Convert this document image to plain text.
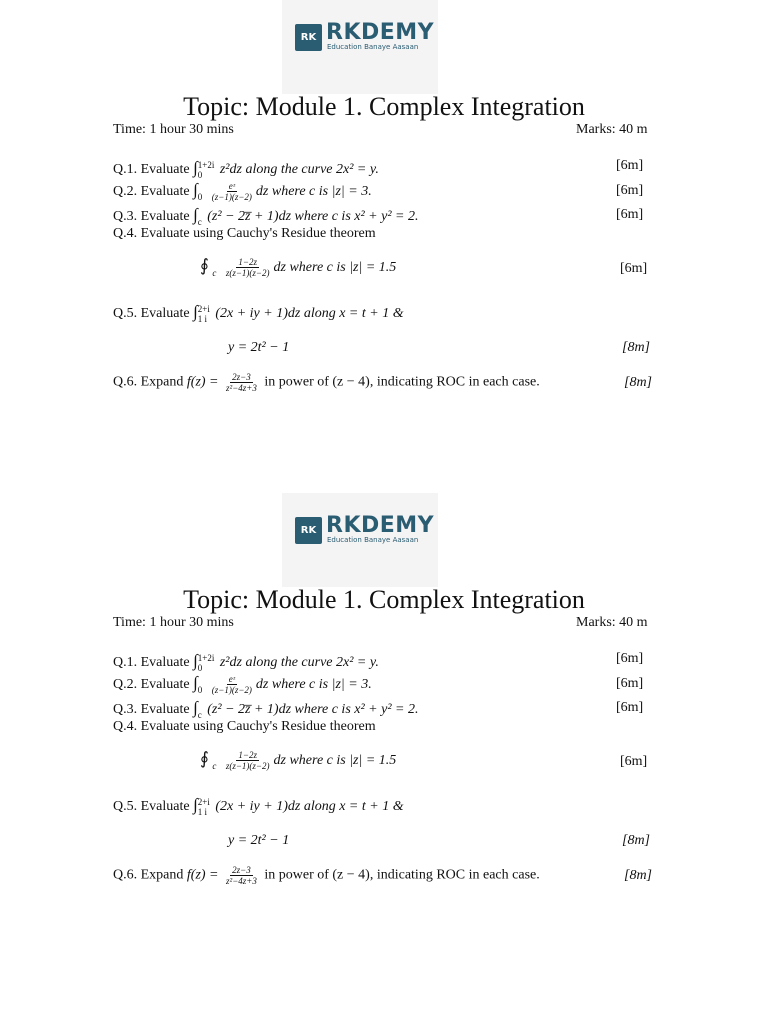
RK RKDEMY
Education Banaye Aasaan
Topic: Module 1. Complex Integration
Time: 1 hour 30 mins	Marks: 40 m
Q.1. Evaluate ∫ 1+2i
0	z²dz along the curve 2x² = y.	[6m]
Q.2. Evaluate ∫
0
$\frac{\text{eᶻ}}{(z-1)(z-2)}$ dz where c is |z| = 3.	[6m]
Q.3. Evaluate ∫
c (z² − 2z̅ + 1)dz where c is x² + y² = 2.	[6m]
Q.4. Evaluate using Cauchy's Residue theorem
∮
c
$\frac{1-2z}{z(z-1)(z-2)}$ dz where c is |z| = 1.5	[6m]
Q.5. Evaluate ∫ 2+i
1 i (2x + iy + 1)dz along x = t + 1 &
y = 2t² − 1	[8m]
Q.6. Expand $f(z) = \frac{2z-3}{\text{z²−4z+3}}$ in power of (z − 4), indicating ROC in each case.	[8m]
RK RKDEMY
Education Banaye Aasaan
Topic: Module 1. Complex Integration
Time: 1 hour 30 mins	Marks: 40 m
Q.1. Evaluate ∫ 1+2i
0	z²dz along the curve 2x² = y.	[6m]
Q.2. Evaluate ∫
0
$\frac{\text{eᶻ}}{(z-1)(z-2)}$ dz where c is |z| = 3.	[6m]
Q.3. Evaluate ∫
c (z² − 2z̅ + 1)dz where c is x² + y² = 2.	[6m]
Q.4. Evaluate using Cauchy's Residue theorem
∮
c
$\frac{1-2z}{z(z-1)(z-2)}$ dz where c is |z| = 1.5	[6m]
Q.5. Evaluate ∫ 2+i
1 i (2x + iy + 1)dz along x = t + 1 &
y = 2t² − 1	[8m]
Q.6. Expand $f(z) = \frac{2z-3}{\text{z²−4z+3}}$ in power of (z − 4), indicating ROC in each case.	[8m]
